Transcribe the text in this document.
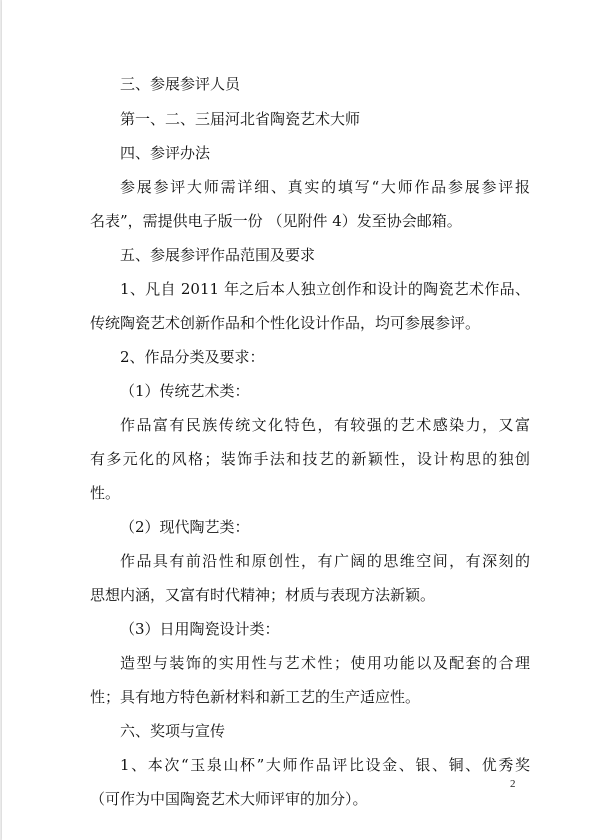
三、参展参评人员
第一、二、三届河北省陶瓷艺术大师
四、参评办法
参展参评大师需详细、真实的填写“大师作品参展参评报
名表”，需提供电子版一份 （见附件 4）发至协会邮箱。
五、参展参评作品范围及要求
1、凡自 2011 年之后本人独立创作和设计的陶瓷艺术作品、
传统陶瓷艺术创新作品和个性化设计作品，均可参展参评。
2、作品分类及要求：
（1）传统艺术类：
作品富有民族传统文化特色，有较强的艺术感染力，又富
有多元化的风格；装饰手法和技艺的新颖性，设计构思的独创
性。
（2）现代陶艺类：
作品具有前沿性和原创性，有广阔的思维空间，有深刻的
思想内涵，又富有时代精神；材质与表现方法新颖。
（3）日用陶瓷设计类：
造型与装饰的实用性与艺术性；使用功能以及配套的合理
性；具有地方特色新材料和新工艺的生产适应性。
六、奖项与宣传
1、本次“玉泉山杯”大师作品评比设金、银、铜、优秀奖
（可作为中国陶瓷艺术大师评审的加分）。
2
